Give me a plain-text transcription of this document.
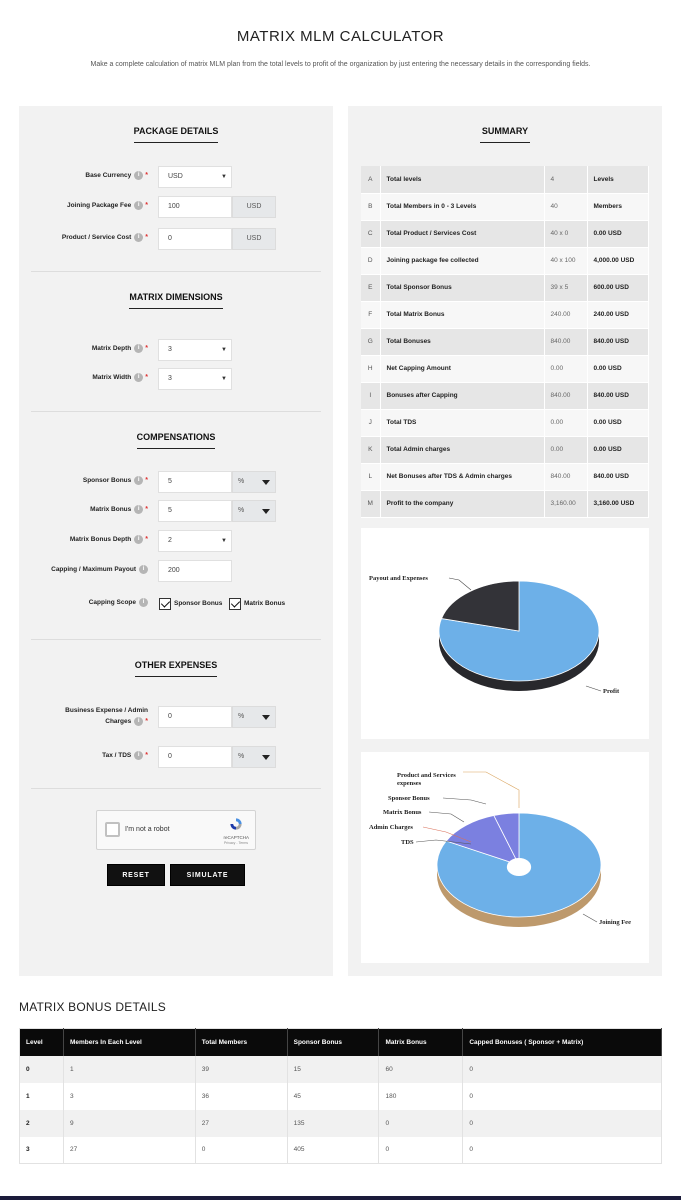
MATRIX MLM CALCULATOR
Make a complete calculation of matrix MLM plan from the total levels to profit of the organization by just entering the necessary details in the corresponding fields.
PACKAGE DETAILS
Base Currency i *	USD	▼
Joining Package Fee i *	100	USD
Product / Service Cost i *	0	USD
MATRIX DIMENSIONS
Matrix Depth i *	3	▼
Matrix Width i *	3	▼
COMPENSATIONS
Sponsor Bonus i *	5	%
Matrix Bonus i *	5	%
Matrix Bonus Depth i *	2	▼
Capping / Maximum Payout i	200
Capping Scope i	Sponsor Bonus	Matrix Bonus
OTHER EXPENSES
Business Expense / Admin Charges i *
0	%
Tax / TDS i *	0	%
I'm not a robot
reCAPTCHA
Privacy - Terms
RESET	SIMULATE
SUMMARY
A	Total levels	4	Levels
B	Total Members in 0 - 3 Levels	40	Members
C	Total Product / Services Cost	40 x 0	0.00 USD
D	Joining package fee collected	40 x 100	4,000.00 USD
E	Total Sponsor Bonus	39 x 5	600.00 USD
F	Total Matrix Bonus	240.00	240.00 USD
G	Total Bonuses	840.00	840.00 USD
H	Net Capping Amount	0.00	0.00 USD
I	Bonuses after Capping	840.00	840.00 USD
J	Total TDS	0.00	0.00 USD
K	Total Admin charges	0.00	0.00 USD
L	Net Bonuses after TDS & Admin charges	840.00	840.00 USD
M	Profit to the company	3,160.00	3,160.00 USD
Payout and Expenses
Profit
Product and Services
expenses
Sponsor Bonus
Matrix Bonus
Admin Charges
TDS
Joining Fee
MATRIX BONUS DETAILS
Level	Members In Each Level	Total Members	Sponsor Bonus	Matrix Bonus	Capped Bonuses ( Sponsor + Matrix)
0	1	39	15	60	0
1	3	36	45	180	0
2	9	27	135	0	0
3	27	0	405	0	0
